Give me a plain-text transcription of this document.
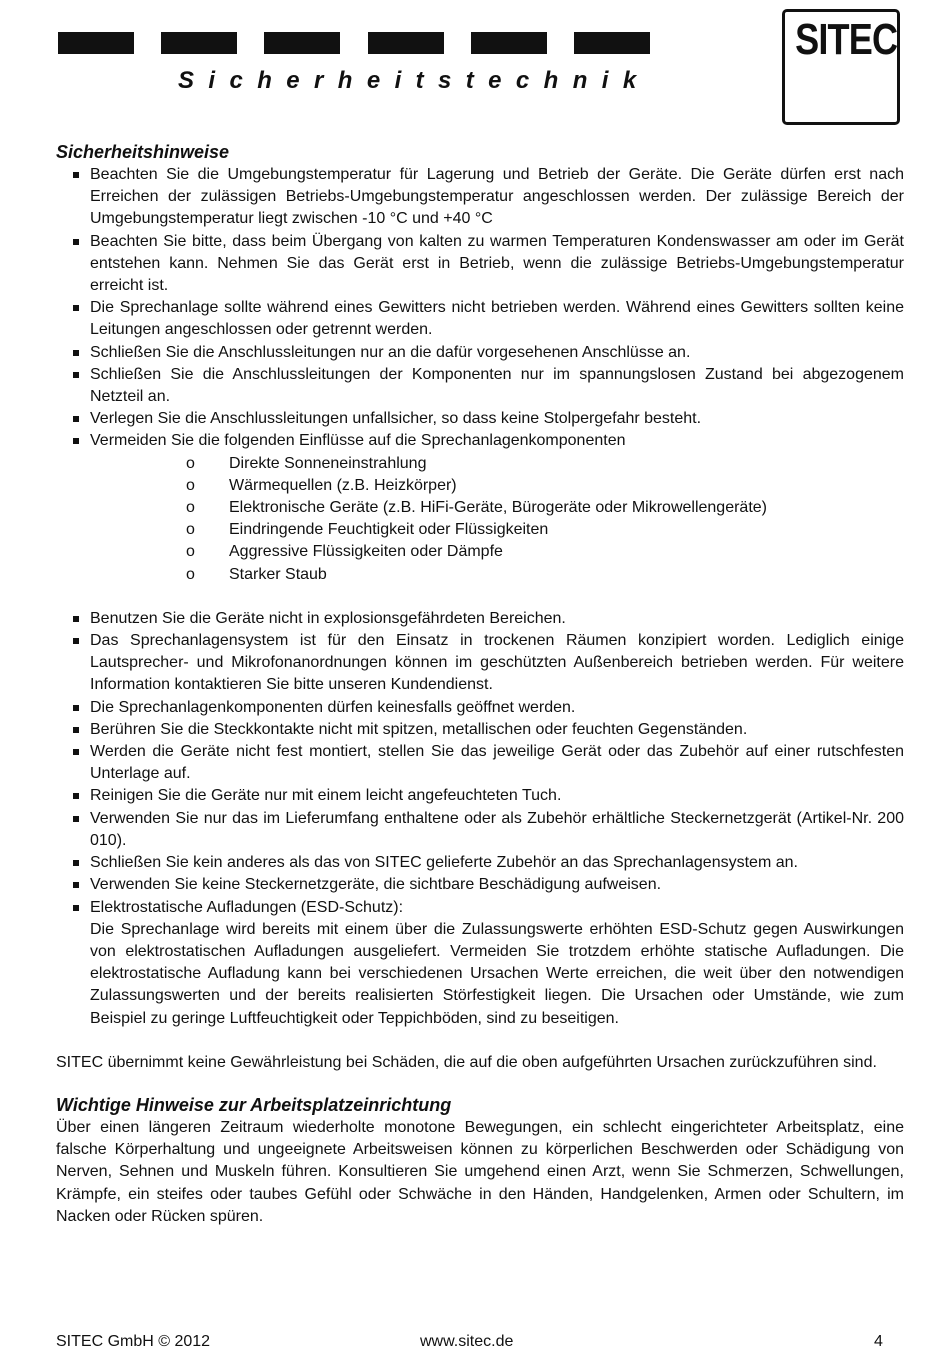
Sicherheitstechnik
SITEC
Sicherheitshinweise
Beachten Sie die Umgebungstemperatur für Lagerung und Betrieb der Geräte. Die Geräte dürfen erst nach Erreichen der zulässigen Betriebs-Umgebungstemperatur angeschlossen werden. Der zulässige Bereich der Umgebungstemperatur liegt zwischen -10 °C und +40 °C
Beachten Sie bitte, dass beim Übergang von kalten zu warmen Temperaturen Kondenswasser am oder im Gerät entstehen kann. Nehmen Sie das Gerät erst in Betrieb, wenn die zulässige Betriebs-Umgebungstemperatur erreicht ist.
Die Sprechanlage sollte während eines Gewitters nicht betrieben werden. Während eines Gewitters sollten keine Leitungen angeschlossen oder getrennt werden.
Schließen Sie die Anschlussleitungen nur an die dafür vorgesehenen Anschlüsse an.
Schließen Sie die Anschlussleitungen der Komponenten nur im spannungslosen Zustand bei abgezogenem Netzteil an.
Verlegen Sie die Anschlussleitungen unfallsicher, so dass keine Stolpergefahr besteht.
Vermeiden Sie die folgenden Einflüsse auf die Sprechanlagenkomponenten
o Direkte Sonneneinstrahlung
o Wärmequellen (z.B. Heizkörper)
o Elektronische Geräte (z.B. HiFi-Geräte, Bürogeräte oder Mikrowellengeräte)
o Eindringende Feuchtigkeit oder Flüssigkeiten
o Aggressive Flüssigkeiten oder Dämpfe
o Starker Staub
Benutzen Sie die Geräte nicht in explosionsgefährdeten Bereichen.
Das Sprechanlagensystem ist für den Einsatz in trockenen Räumen konzipiert worden. Lediglich einige Lautsprecher- und Mikrofonanordnungen können im geschützten Außenbereich betrieben werden. Für weitere Information kontaktieren Sie bitte unseren Kundendienst.
Die Sprechanlagenkomponenten dürfen keinesfalls geöffnet werden.
Berühren Sie die Steckkontakte nicht mit spitzen, metallischen oder feuchten Gegenständen.
Werden die Geräte nicht fest montiert, stellen Sie das jeweilige Gerät oder das Zubehör auf einer rutschfesten Unterlage auf.
Reinigen Sie die Geräte nur mit einem leicht angefeuchteten Tuch.
Verwenden Sie nur das im Lieferumfang enthaltene oder als Zubehör erhältliche Steckernetzgerät (Artikel-Nr. 200 010).
Schließen Sie kein anderes als das von SITEC gelieferte Zubehör an das Sprechanlagensystem an.
Verwenden Sie keine Steckernetzgeräte, die sichtbare Beschädigung aufweisen.
Elektrostatische Aufladungen (ESD-Schutz):
Die Sprechanlage wird bereits mit einem über die Zulassungswerte erhöhten ESD-Schutz gegen Auswirkungen von elektrostatischen Aufladungen ausgeliefert. Vermeiden Sie trotzdem erhöhte statische Aufladungen. Die elektrostatische Aufladung kann bei verschiedenen Ursachen Werte erreichen, die weit über den notwendigen Zulassungswerten und der bereits realisierten Störfestigkeit liegen. Die Ursachen oder Umstände, wie zum Beispiel zu geringe Luftfeuchtigkeit oder Teppichböden, sind zu beseitigen.

SITEC übernimmt keine Gewährleistung bei Schäden, die auf die oben aufgeführten Ursachen zurückzuführen sind.

Wichtige Hinweise zur Arbeitsplatzeinrichtung

Über einen längeren Zeitraum wiederholte monotone Bewegungen, ein schlecht eingerichteter Arbeitsplatz, eine falsche Körperhaltung und ungeeignete Arbeitsweisen können zu körperlichen Beschwerden oder Schädigung von Nerven, Sehnen und Muskeln führen. Konsultieren Sie umgehend einen Arzt, wenn Sie Schmerzen, Schwellungen, Krämpfe, ein steifes oder taubes Gefühl oder Schwäche in den Händen, Handgelenken, Armen oder Schultern, im Nacken oder Rücken spüren.

SITEC GmbH © 2012	www.sitec.de	4
